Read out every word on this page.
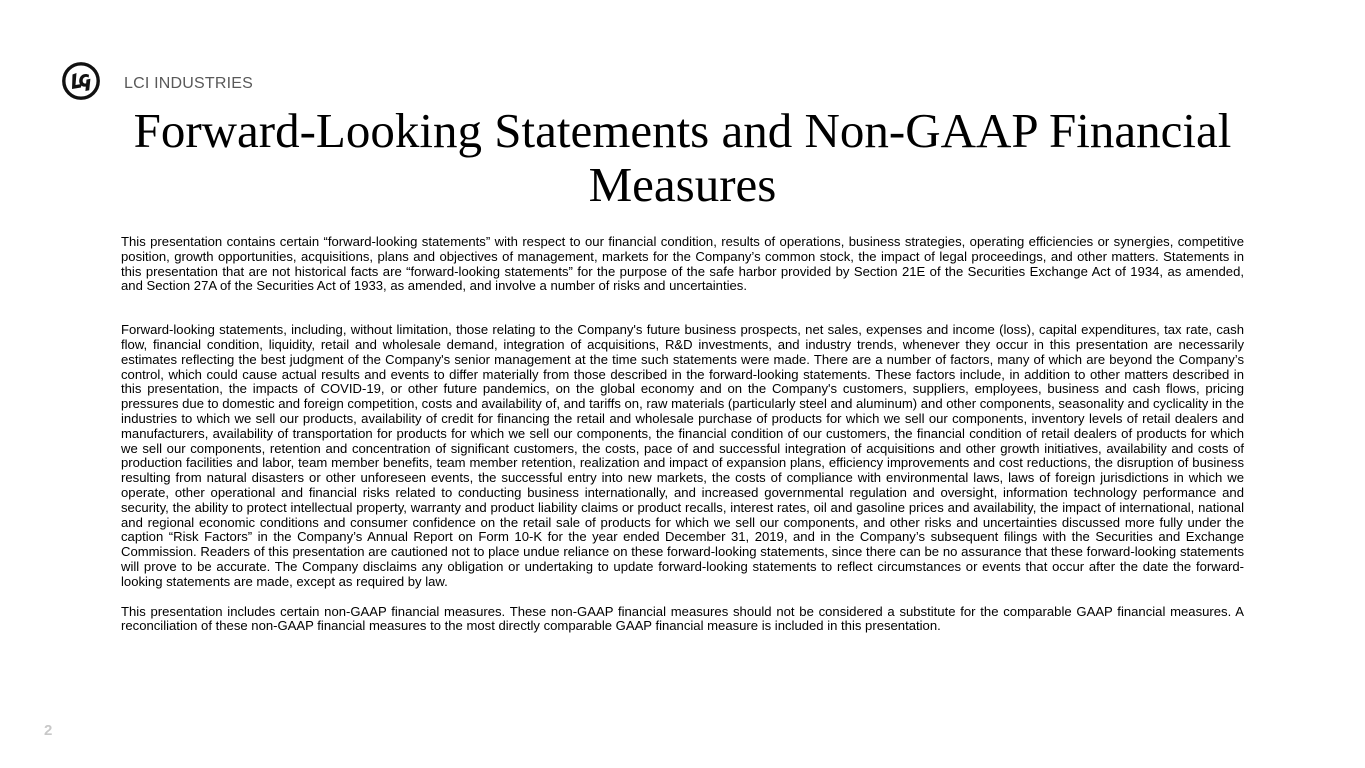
LCI INDUSTRIES
Forward-Looking Statements and Non-GAAP Financial Measures

This presentation contains certain “forward-looking statements” with respect to our financial condition, results of operations, business strategies, operating efficiencies or synergies, competitive position, growth opportunities, acquisitions, plans and objectives of management, markets for the Company’s common stock, the impact of legal proceedings, and other matters. Statements in this presentation that are not historical facts are “forward-looking statements” for the purpose of the safe harbor provided by Section 21E of the Securities Exchange Act of 1934, as amended, and Section 27A of the Securities Act of 1933, as amended, and involve a number of risks and uncertainties.

Forward-looking statements, including, without limitation, those relating to the Company's future business prospects, net sales, expenses and income (loss), capital expenditures, tax rate, cash flow, financial condition, liquidity, retail and wholesale demand, integration of acquisitions, R&D investments, and industry trends, whenever they occur in this presentation are necessarily estimates reflecting the best judgment of the Company's senior management at the time such statements were made. There are a number of factors, many of which are beyond the Company’s control, which could cause actual results and events to differ materially from those described in the forward-looking statements. These factors include, in addition to other matters described in this presentation, the impacts of COVID-19, or other future pandemics, on the global economy and on the Company's customers, suppliers, employees, business and cash flows, pricing pressures due to domestic and foreign competition, costs and availability of, and tariffs on, raw materials (particularly steel and aluminum) and other components, seasonality and cyclicality in the industries to which we sell our products, availability of credit for financing the retail and wholesale purchase of products for which we sell our components, inventory levels of retail dealers and manufacturers, availability of transportation for products for which we sell our components, the financial condition of our customers, the financial condition of retail dealers of products for which we sell our components, retention and concentration of significant customers, the costs, pace of and successful integration of acquisitions and other growth initiatives, availability and costs of production facilities and labor, team member benefits, team member retention, realization and impact of expansion plans, efficiency improvements and cost reductions, the disruption of business resulting from natural disasters or other unforeseen events, the successful entry into new markets, the costs of compliance with environmental laws, laws of foreign jurisdictions in which we operate, other operational and financial risks related to conducting business internationally, and increased governmental regulation and oversight, information technology performance and security, the ability to protect intellectual property, warranty and product liability claims or product recalls, interest rates, oil and gasoline prices and availability, the impact of international, national and regional economic conditions and consumer confidence on the retail sale of products for which we sell our components, and other risks and uncertainties discussed more fully under the caption “Risk Factors” in the Company’s Annual Report on Form 10-K for the year ended December 31, 2019, and in the Company’s subsequent filings with the Securities and Exchange Commission. Readers of this presentation are cautioned not to place undue reliance on these forward-looking statements, since there can be no assurance that these forward-looking statements will prove to be accurate. The Company disclaims any obligation or undertaking to update forward-looking statements to reflect circumstances or events that occur after the date the forward-looking statements are made, except as required by law.

This presentation includes certain non-GAAP financial measures. These non-GAAP financial measures should not be considered a substitute for the comparable GAAP financial measures. A reconciliation of these non-GAAP financial measures to the most directly comparable GAAP financial measure is included in this presentation.

2
